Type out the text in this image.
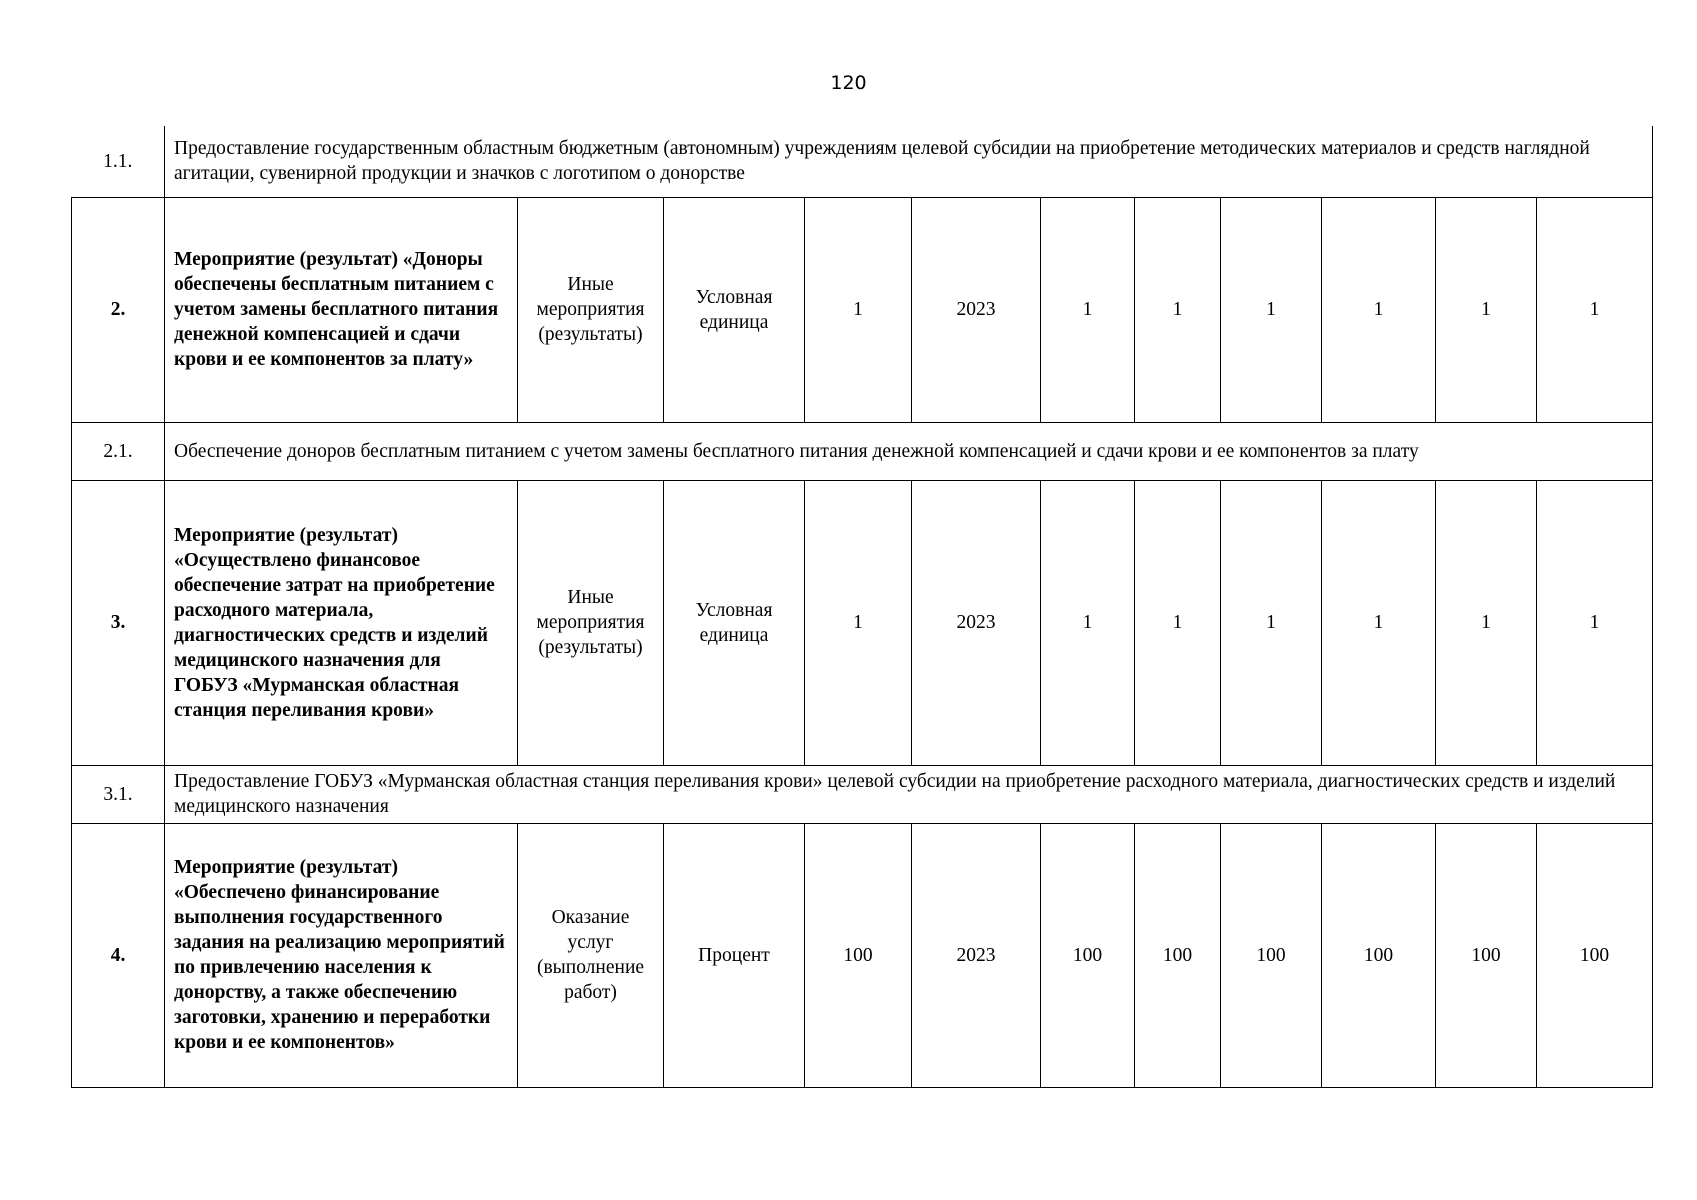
120
1.1.	Предоставление государственным областным бюджетным (автономным) учреждениям целевой субсидии на приобретение методических материалов и средств наглядной агитации, сувенирной продукции и значков с логотипом о донорстве										
2.	Мероприятие (результат) «Доноры обеспечены бесплатным питанием с учетом замены бесплатного питания денежной компенсацией и сдачи крови и ее компонентов за плату»	Иные мероприятия (результаты)	Условная единица	1	2023	1	1	1	1	1	1
2.1.	Обеспечение доноров бесплатным питанием с учетом замены бесплатного питания денежной компенсацией и сдачи крови и ее компонентов за плату										
3.	Мероприятие (результат) «Осуществлено финансовое обеспечение затрат на приобретение расходного материала, диагностических средств и изделий медицинского назначения для ГОБУЗ «Мурманская областная станция переливания крови»	Иные мероприятия (результаты)	Условная единица	1	2023	1	1	1	1	1	1
3.1.	Предоставление ГОБУЗ «Мурманская областная станция переливания крови» целевой субсидии на приобретение расходного материала, диагностических средств и изделий медицинского назначения										
4.	Мероприятие (результат) «Обеспечено финансирование выполнения государственного задания на реализацию мероприятий по привлечению населения к донорству, а также обеспечению заготовки, хранению и переработки крови и ее компонентов»	Оказание услуг (выполнение работ)	Процент	100	2023	100	100	100	100	100	100
